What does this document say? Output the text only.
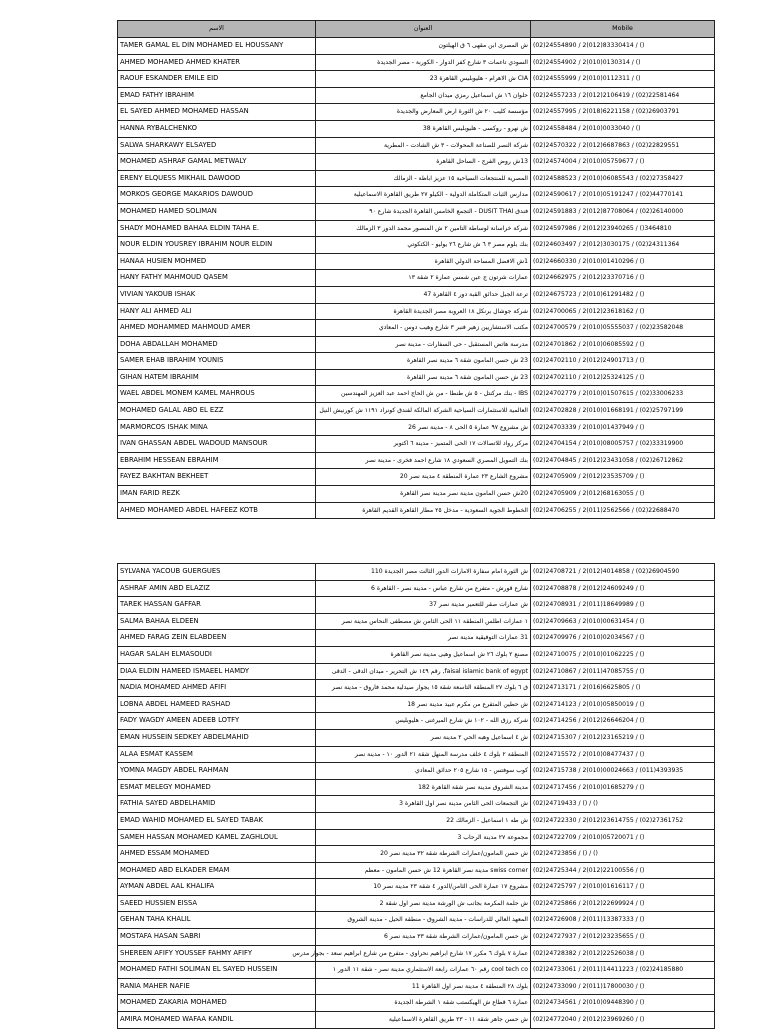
الاسم	العنوان	Mobile
TAMER GAMAL EL DIN MOHAMED EL HOUSSANY	ش المصرى ابن مقهى ٦ ق الهيلتون	(02)24554890 / 2(012)83330414 / ()
AHMED MOHAMED AHMED KHATER	السودي تاعمات ٣ شارع كفر الدوار - الكوربة - مصر الجديدة	(02)24554902 / 2(010)0130314 / ()
RAOUF ESKANDER EMILE EID	CIA ش الاهرام - هليوبليس القاهرة 23	(02)24555999 / 2(010)0112311 / ()
EMAD FATHY IBRAHIM	حلوان ١٦ ش اسماعيل رمزي ميدان الجامع	(02)24557233 / 2(012)2106419 / (02)22581464
EL SAYED AHMED MOHAMED HASSAN	مؤسسة كليب ٢٠ ش الثورة ارض المعارض والجديدة	(02)24557995 / 2(018)6221158 / (02)26903791
HANNA RYBALCHENKO	ش نهرو - روكسى - هليوبليس القاهرة 38	(02)24558484 / 2(010)0033040 / ()
SALWA SHARKAWY ELSAYED	شركة النصر للصناعة المحولات - ٣ ش الشادت - المطرية	(02)24570322 / 2(012)6687863 / (02)22829551
MOHAMED ASHRAF GAMAL METWALY	13ش روض الفرج - الساحل القاهرة	(02)24574004 / 2(010)05759677 / ()
ERENY ELQUESS MIKHAIL DAWOOD	المصرية للمنتجعات السياحية ١٥ عزيز اباظة - الزمالك	(02)24588523 / 2(010)06085543 / (02)27358427
MORKOS GEORGE MAKARIOS DAWOUD	مدارس الثبات المتكاملة الدولية - الكيلو ٢٧ طريق القاهرة الاسماعيلية	(02)24590617 / 2(010)05191247 / (02)44770141
MOHAMED HAMED SOLIMAN	فندق DUSIT THAI - التجمع الخامس القاهرة الجديدة شارع ٩٠	(02)24591883 / 2(012)87708064 / (02)26140000
SHADY MOHAMED BAHAA ELDIN TAHA E.	شركة خراسانة لوساطة التامين ٢ ش المنصور محمد الدور ٣ الزمالك	(02)24597986 / 2(012)23940265 / ()3464810
NOUR ELDIN YOUSREY IBRAHIM NOUR ELDIN	بنك بلوم مصر ٣ ٦ ش شارع ٢٦ يوليو - الكتكوتي	(02)24603497 / 2(012)3030175 / (02)24311364
HANAA HUSIEN MOHMED	1ش الافضل المساحة الدولي القاهرة	(02)24660330 / 2(010)01410296 / ()
HANY FATHY MAHMOUD QASEM	عمارات شرتون ج عين شمس عمارة ٢ شقة ١٣	(02)24662975 / 2(012)23370716 / ()
VIVIAN YAKOUB ISHAK	ترعة الجبل حدائق القبة دور ٤ القاهرة 47	(02)24675723 / 2(010)61291482 / ()
HANY ALI AHMED ALI	شركة جوشال برنكل ١٨ العروبة مصر الجديدة القاهرة	(02)24700065 / 2(012)23618162 / ()
AHMED MOHAMMED MAHMOUD AMER	مكتب الاستشاريين زهير فنبر ٣ شارع وهيب دوس - المعادي	(02)24700579 / 2(010)05555037 / (02)23582048
DOHA ABDALLAH MOHAMED	مدرسة هاتض المستقبل - حى السفارات - مدينة نصر	(02)24701862 / 2(010)06085592 / ()
SAMER EHAB IBRAHIM YOUNIS	23 ش حسن المامون شقة ٦ مدينة نصر القاهرة	(02)24702110 / 2(012)24901713 / ()
GIHAN HATEM IBRAHIM	23 ش حسن المامون شقة ٦ مدينة نصر القاهرة	(02)24702110 / 2(012)25324125 / ()
WAEL ABDEL MONEM KAMEL MAHROUS	IBS - بنك مركنتل - ٥ ش طنطا - من ش الحاج احمد عبد العزيز المهندسين	(02)24702779 / 2(010)01507615 / (02)33006233
MOHAMED GALAL ABO EL EZZ	العالمية للاستثمارات السياحية الشركة المالكة لفندق كونراد ١١٩١ ش كورنيش النيل	(02)24702828 / 2(010)01668191 / (02)25797199
MARMORCOS ISHAK MINA	ش مشروع ٩٧ عمارة ٥ الحى ٨ - مدينة نصر 26	(02)24703339 / 2(010)01437949 / ()
IVAN GHASSAN ABDEL WADOUD MANSOUR	مركز رواد للاتصالات ١٧ الحى المتميز - مدينة ٦ اكتوبر	(02)24704154 / 2(010)08005757 / (02)33319900
EBRAHIM HESSEAN EBRAHIM	بنك التمويل المصري السعودي ١٨ شارع احمد فخرى - مدينة نصر	(02)24704845 / 2(012)23431058 / (02)26712862
FAYEZ BAKHTAN BEKHEET	مشروع الشارع ٢٣ عمارة المنطقة ٤ مدينة نصر 20	(02)24705909 / 2(012)23535709 / ()
IMAN FARID REZK	20ش حسن المامون مدينة نصر مدينة نصر القاهرة	(02)24705909 / 2(012)68163055 / ()
AHMED MOHAMED ABDEL HAFEEZ KOTB	الخطوط الجوية السعودية - مدخل ٢٥ مطار القاهرة القديم القاهرة	(02)24706255 / 2(011)2562566 / (02)22688470
SYLVANA YACOUB GUERGUES	ش الثورة امام سفارة الامارات الدور الثالث مصر الجديدة 110	(02)24708721 / 2(012)4014858 / (02)26904590
ASHRAF AMIN ABD ELAZIZ	شارع قورش - متفرع من شارع عباس - مدينة نصر - القاهرة 6	(02)24708878 / 2(012)24609249 / ()
TAREK HASSAN GAFFAR	ش عمارات صقر للتعمير مدينة نصر 37	(02)24708931 / 2(011)18649989 / ()
SALMA BAHAA ELDEEN	١ عمارات اطلس المنطقة ١١ الحى الثامن ش مصطفى النحاس مدينة نصر	(02)24709663 / 2(010)00631454 / ()
AHMED FARAG ZEIN ELABDEEN	31 عمارات التوفيقية مدينة نصر	(02)24709976 / 2(010)02034567 / ()
HAGAR SALAH ELMASOUDI	مصنع ٢ بلوك ٢٦ ش اسماعيل وهبى مدينة نصر القاهرة	(02)24710075 / 2(010)01062225 / ()
DIAA ELDIN HAMEED ISMAEEL HAMDY	faisal islamic bank of egypt, رقم ١٤٩ ش التحرير - ميدان الدقى - الدقى	(02)24710867 / 2(011)47085755 / ()
NADIA MOHAMED AHMED AFIFI	ق ٦ بلوك ٢٧ المنطقة التاسعة شقة ١٥ بجوار صيدلية محمد فاروق - مدينة نصر	(02)24713171 / 2(016)6625805 / ()
LOBNA ABDEL HAMEED RASHAD	ش حطين المتفرع من مكرم عبيد مدينة نصر 18	(02)24714123 / 2(010)05850019 / ()
FADY WAGDY AMEEN ADEEB LOTFY	شركة رزق الله - ١٠٢ ش شارع الميرغنى - هليوبليس	(02)24714256 / 2(012)26646204 / ()
EMAN HUSSEIN SEDKEY ABDELMAHID	ش ٤ اسماعيل وهبه الحي ٢ مدينة نصر	(02)24715307 / 2(012)23165219 / ()
ALAA ESMAT KASSEM	المنطقة ٢ بلوك ٤ خلف مدرسة المنهل شقة ٢١ الدور ١٠ - مدينة نصر	(02)24715572 / 2(010)08477437 / ()
YOMNA MAGDY ABDEL RAHMAN	كوب سوفتس - ١٥ شارع ٢٠٥ حدائق المعادي	(02)24715738 / 2(010)00024663 / (011)4393935
ESMAT MELEGY MOHAMED	مدينة الشروق مدينة نصر شقة القاهرة 182	(02)24717456 / 2(010)01685279 / ()
FATHIA SAYED ABDELHAMID	ش التجمعات الحى الثامن مدينة نصر اول القاهرة 3	(02)24719433 / () / ()
EMAD WAHID MOHAMED EL SAYED TABAK	ش طه ١ اسماعيل - الزمالك 22	(02)24722330 / 2(012)23614755 / (02)27361752
SAMEH HASSAN MOHAMED KAMEL ZAGHLOUL	مجموعة ٢٧ مدينة الرحاب 3	(02)24722709 / 2(010)05720071 / ()
AHMED ESSAM MOHAMED	ش حسن المامون/عمارات الشرطة شقة ٣٢ مدينة نصر 20	(02)24723856 / () / ()
MOHAMED ABD ELKADER EMAM	swiss corner مدينة نصر القاهرة 12 ش حسن المامون - معظم	(02)24725344 / 2(012)22100556 / ()
AYMAN ABDEL AAL KHALIFA	مشروع ١٧ عمارة الحى الثامن/الدور ٤ شقة ٢٣ مدينة نصر 10	(02)24725797 / 2(010)01616117 / ()
SAEED HUSSIEN EISSA	ش حلمة المكرمة بجانب ش الورشة مدينة نصر اول شقة 2	(02)24725866 / 2(012)22699924 / ()
GEHAN TAHA KHALIL	المعهد العالي للدراسات - مدينة الشروق - منطقة الحيل - مدينة الشروق	(02)24726908 / 2(011)13387333 / ()
MOSTAFA HASAN SABRI	ش حسن المامون/عمارات الشرطة شقة ٣٣ مدينة نصر 6	(02)24727937 / 2(012)23235655 / ()
SHEREEN AFIFY YOUSSEF FAHMY AFIFY	عمارة ٧ بلوك ٦ مكرر ١٧ شارع ابراهيم نحراوي - متفرع من شارع ابراهيم سعد - بجوار مدرس	(02)24728382 / 2(012)22526038 / ()
MOHAMED FATHI SOLIMAN EL SAYED HUSSEIN	cool tech co رقم ٦٠ عمارات رابعة الاستثماري مدينة نصر - شقة ١١ الدور ١	(02)24733061 / 2(011)14411223 / (02)24185880
RANIA MAHER NAFIE	بلوك ٢٨ المنطقة ٤ مدينة نصر اول القاهرة 11	(02)24733090 / 2(011)17800030 / ()
MOHAMED ZAKARIA MOHAMED	عمارة ٦ قطاع ش الهيكستب شقة ١ الشرطة الجديدة	(02)24734561 / 2(010)09448390 / ()
AMIRA MOHAMED WAFAA KANDIL	ش حسن جاهر شقة ١١ - ٢٣ طريق القاهرة الاسماعيلية	(02)24772040 / 2(012)23969260 / ()
